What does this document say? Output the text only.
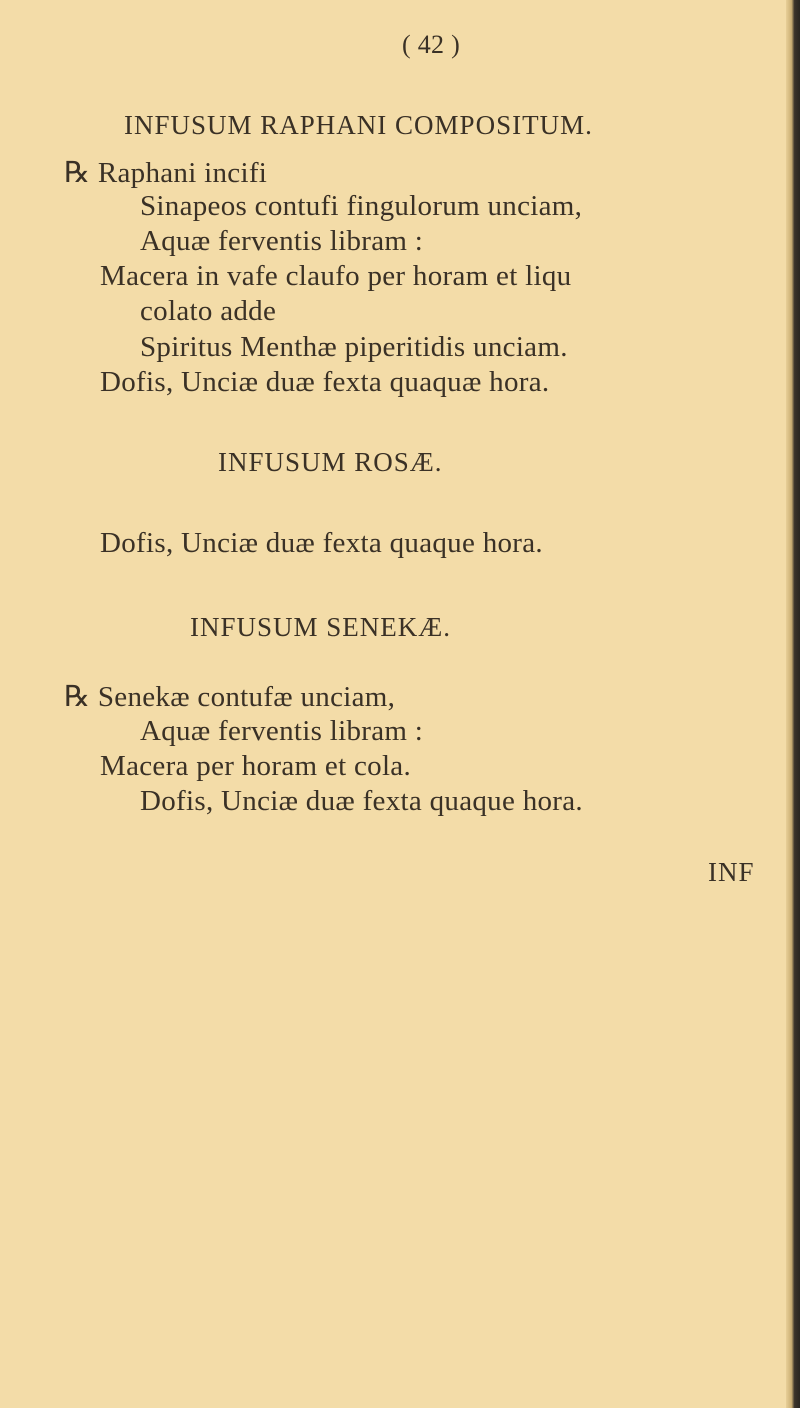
( 42 )
INFUSUM RAPHANI COMPOSITUM.
℞ Raphani incifi
Sinapeos contufi fingulorum unciam,
Aquæ ferventis libram :
Macera in vafe claufo per horam et liqu
colato adde
Spiritus Menthæ piperitidis unciam.
Dofis, Unciæ duæ fexta quaquæ hora.
INFUSUM ROSÆ.
Dofis, Unciæ duæ fexta quaque hora.
INFUSUM SENEKÆ.
℞ Senekæ contufæ unciam,
Aquæ ferventis libram :
Macera per horam et cola.
Dofis, Unciæ duæ fexta quaque hora.
INF
